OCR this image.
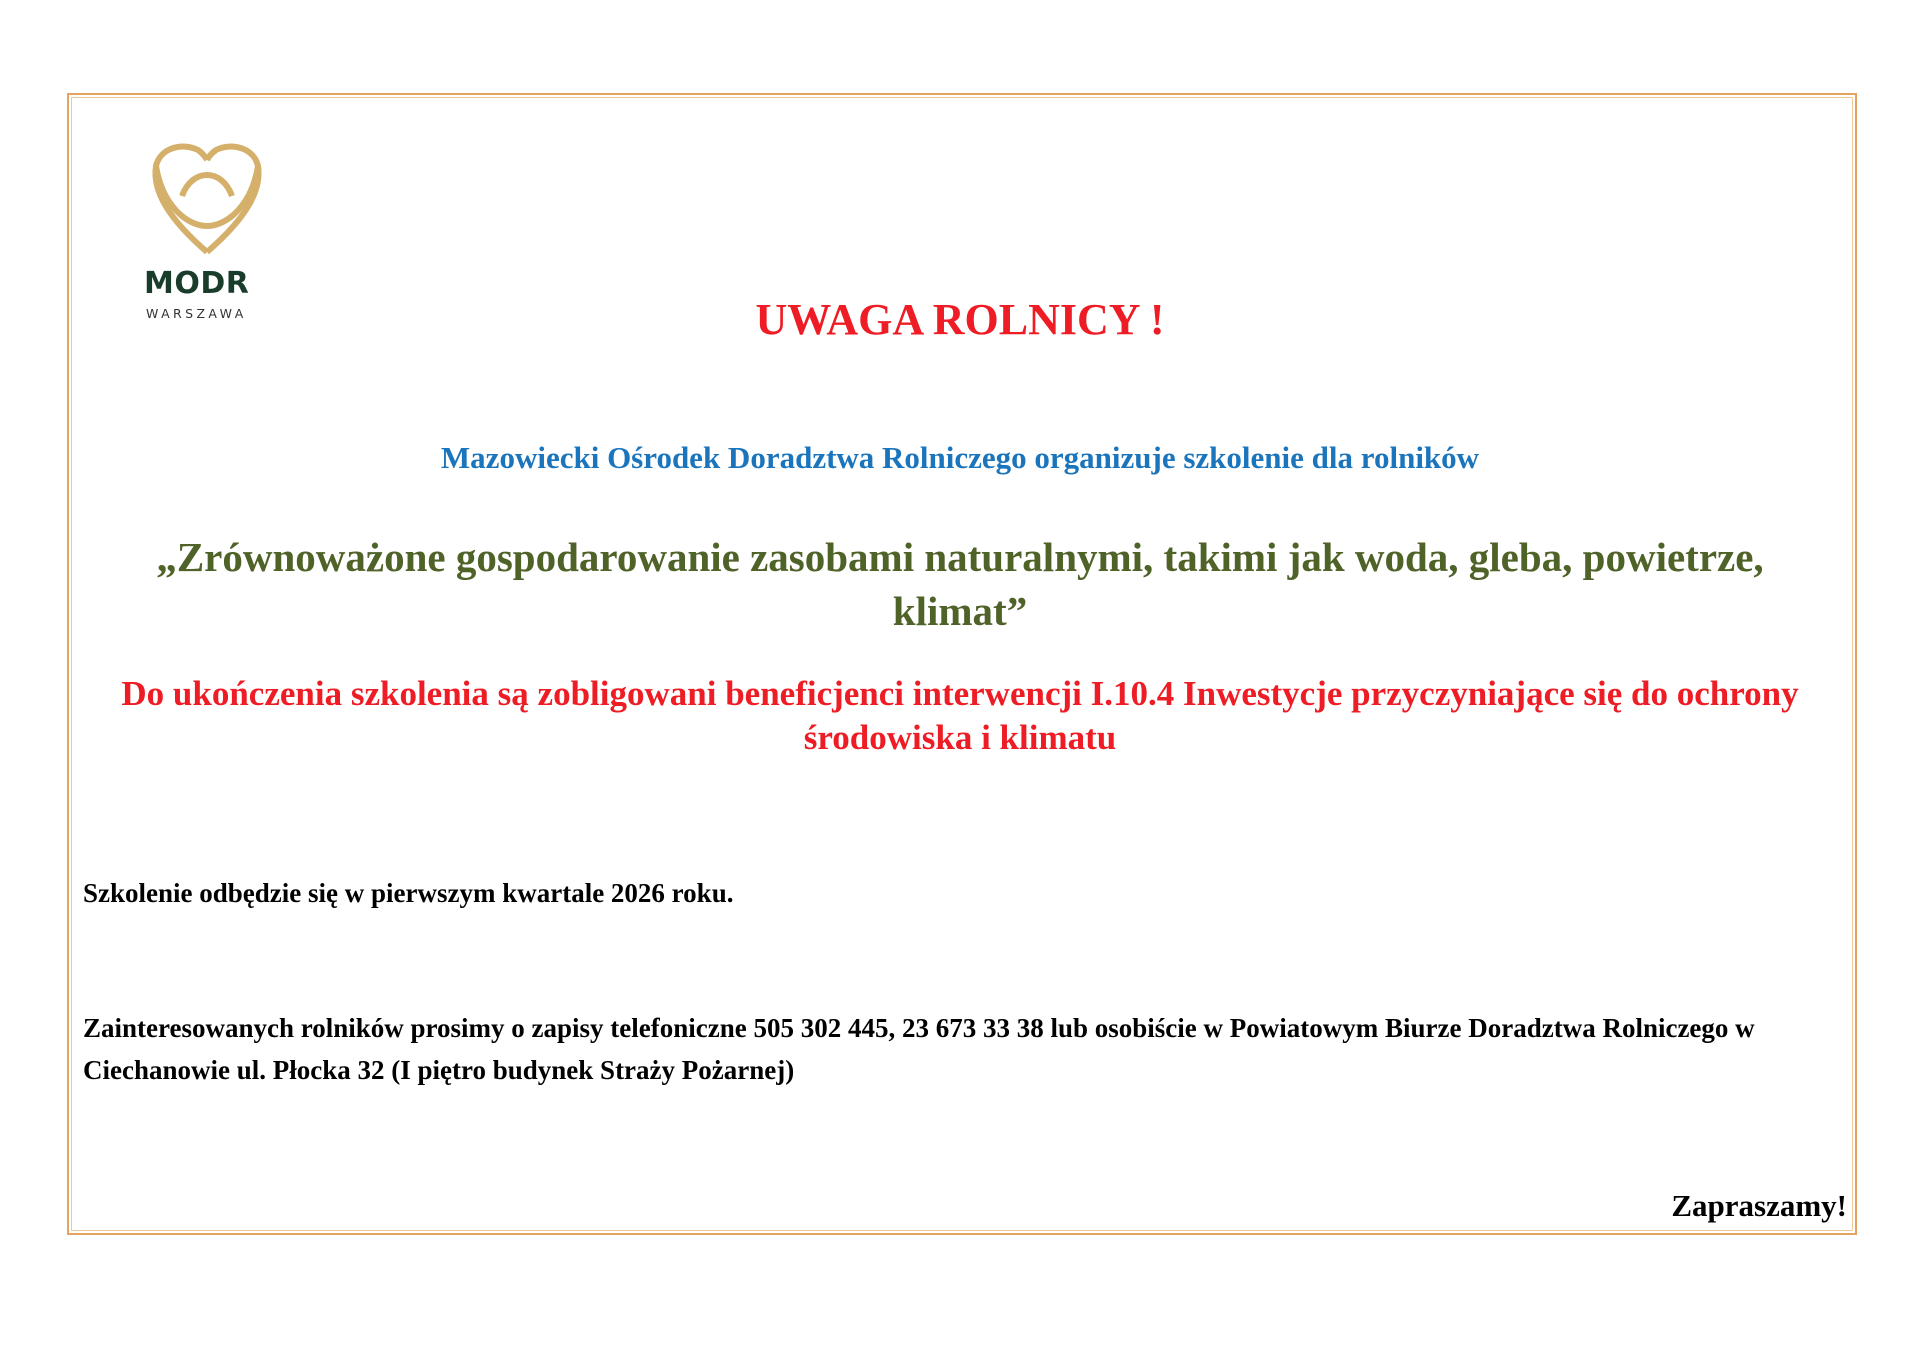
MODR
WARSZAWA	UWAGA ROLNICY !
Mazowiecki Ośrodek Doradztwa Rolniczego organizuje szkolenie dla rolników
„Zrównoważone gospodarowanie zasobami naturalnymi, takimi jak woda, gleba, powietrze, klimat”
Do ukończenia szkolenia są zobligowani beneficjenci interwencji I.10.4 Inwestycje przyczyniające się do ochrony środowiska i klimatu
Szkolenie odbędzie się w pierwszym kwartale 2026 roku.
Zainteresowanych rolników prosimy o zapisy telefoniczne 505 302 445, 23 673 33 38 lub osobiście w Powiatowym Biurze Doradztwa Rolniczego w Ciechanowie ul. Płocka 32 (I piętro budynek Straży Pożarnej)
Zapraszamy!
